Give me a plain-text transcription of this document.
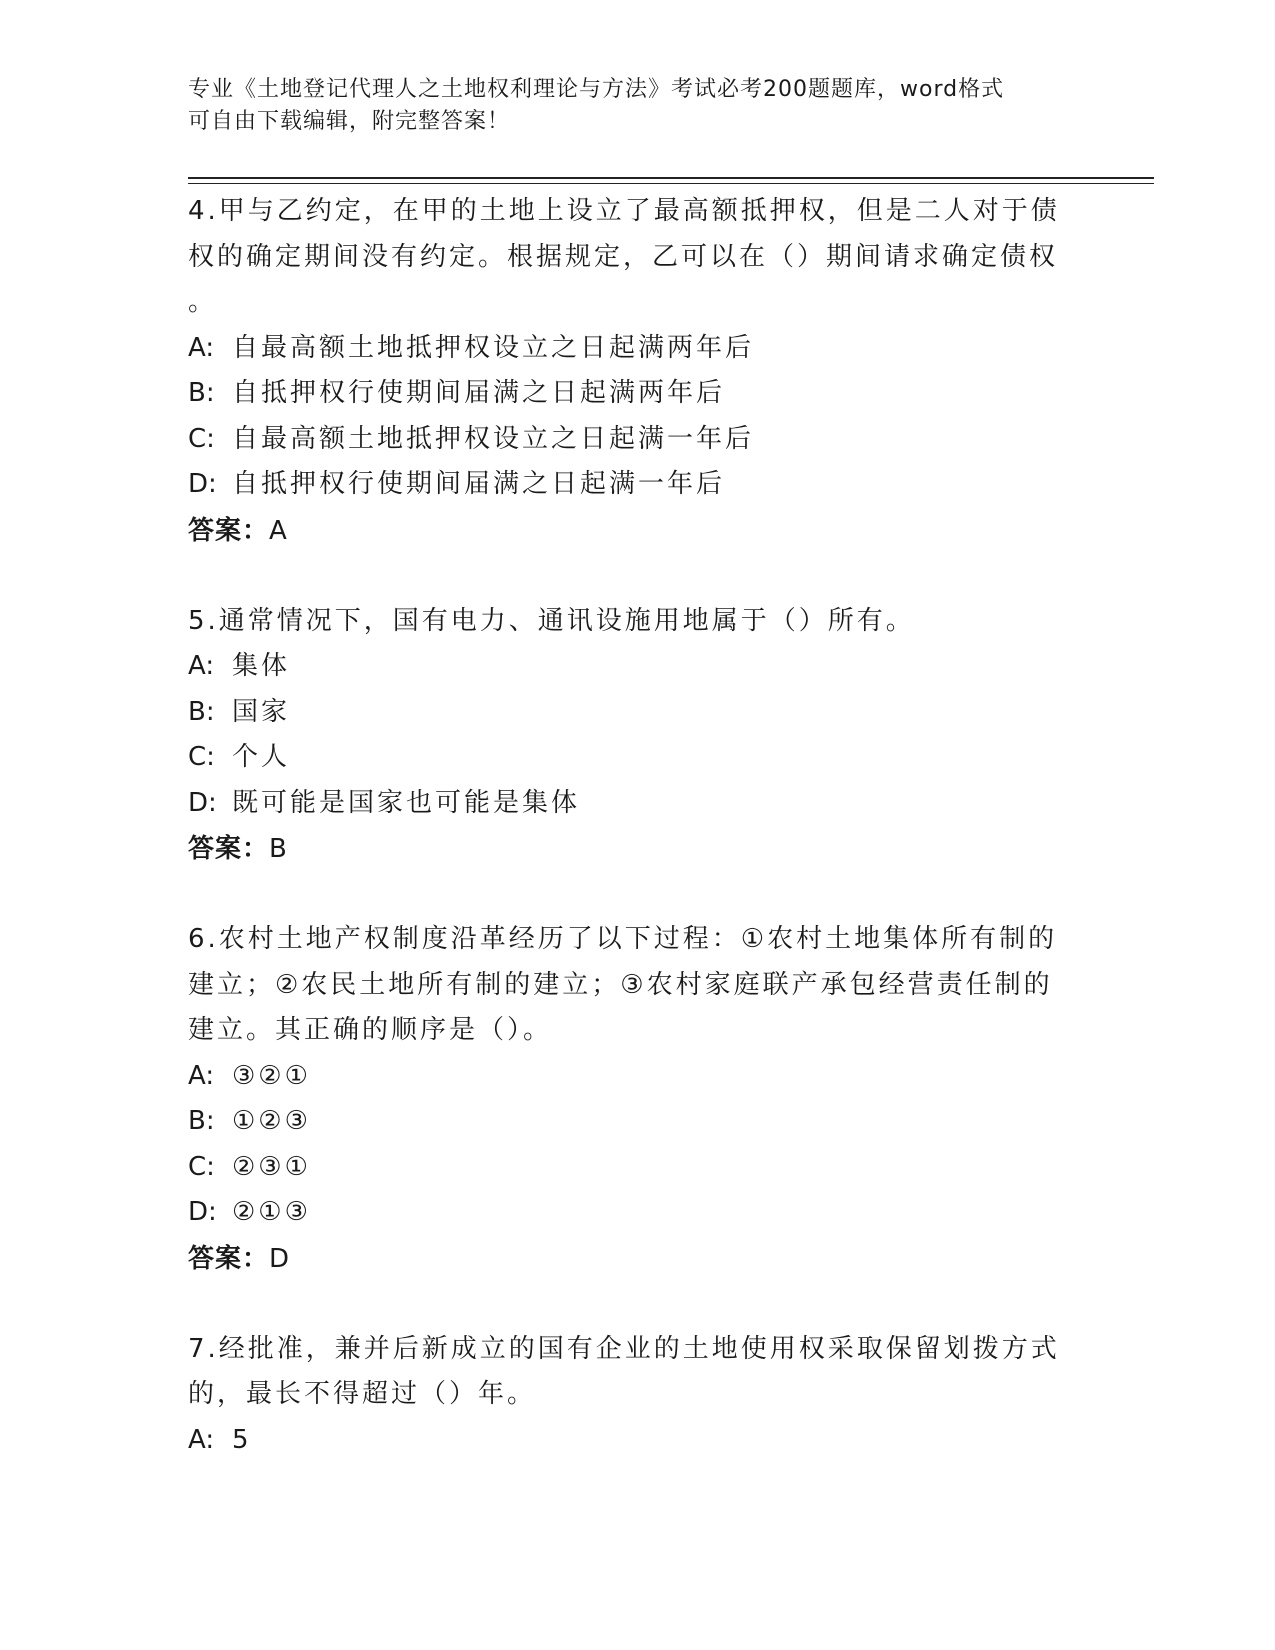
专业《土地登记代理人之土地权利理论与方法》考试必考200题题库，word格式
可自由下载编辑，附完整答案！
4.甲与乙约定，在甲的土地上设立了最高额抵押权，但是二人对于债
权的确定期间没有约定。根据规定，乙可以在（）期间请求确定债权
。
A: 自最高额土地抵押权设立之日起满两年后
B: 自抵押权行使期间届满之日起满两年后
C: 自最高额土地抵押权设立之日起满一年后
D: 自抵押权行使期间届满之日起满一年后
答案：A
5.通常情况下，国有电力、通讯设施用地属于（）所有。
A: 集体
B: 国家
C: 个人
D: 既可能是国家也可能是集体
答案：B
6.农村土地产权制度沿革经历了以下过程：①农村土地集体所有制的
建立；②农民土地所有制的建立；③农村家庭联产承包经营责任制的
建立。其正确的顺序是（）。
A: ③②①
B: ①②③
C: ②③①
D: ②①③
答案：D
7.经批准，兼并后新成立的国有企业的土地使用权采取保留划拨方式
的，最长不得超过（）年。
A: 5
